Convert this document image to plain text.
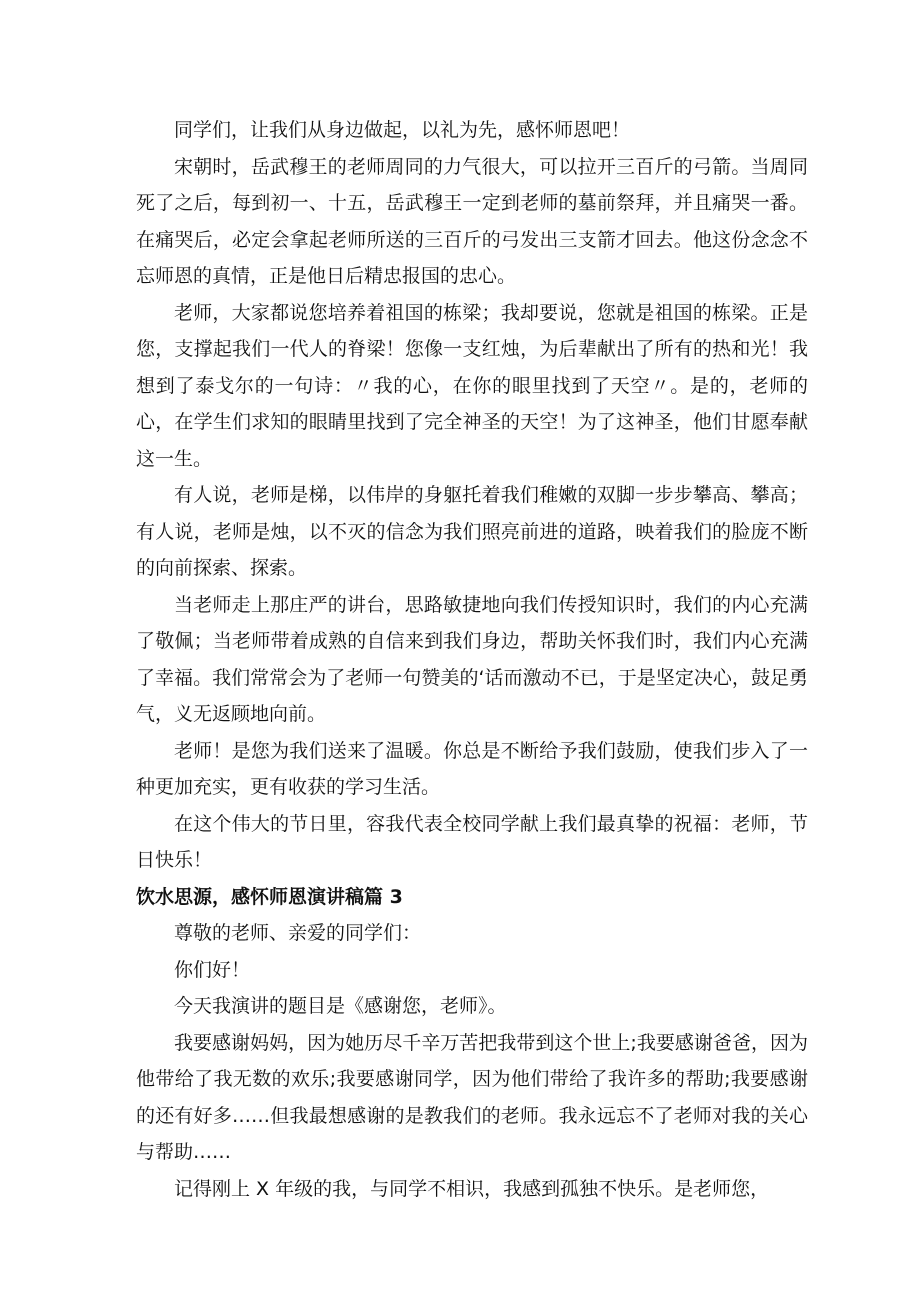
同学们，让我们从身边做起，以礼为先，感怀师恩吧！

宋朝时，岳武穆王的老师周同的力气很大，可以拉开三百斤的弓箭。当周同死了之后，每到初一、十五，岳武穆王一定到老师的墓前祭拜，并且痛哭一番。在痛哭后，必定会拿起老师所送的三百斤的弓发出三支箭才回去。他这份念念不忘师恩的真情，正是他日后精忠报国的忠心。

老师，大家都说您培养着祖国的栋梁；我却要说，您就是祖国的栋梁。正是您，支撑起我们一代人的脊梁！您像一支红烛，为后辈献出了所有的热和光！我想到了泰戈尔的一句诗：〃我的心，在你的眼里找到了天空〃。是的，老师的心，在学生们求知的眼睛里找到了完全神圣的天空！为了这神圣，他们甘愿奉献这一生。

有人说，老师是梯，以伟岸的身躯托着我们稚嫩的双脚一步步攀高、攀高；有人说，老师是烛，以不灭的信念为我们照亮前进的道路，映着我们的脸庞不断的向前探索、探索。

当老师走上那庄严的讲台，思路敏捷地向我们传授知识时，我们的内心充满了敬佩；当老师带着成熟的自信来到我们身边，帮助关怀我们时，我们内心充满了幸福。我们常常会为了老师一句赞美的‘话而激动不已，于是坚定决心，鼓足勇气，义无返顾地向前。

老师！是您为我们送来了温暖。你总是不断给予我们鼓励，使我们步入了一种更加充实，更有收获的学习生活。

在这个伟大的节日里，容我代表全校同学献上我们最真挚的祝福：老师，节日快乐！

饮水思源，感怀师恩演讲稿篇 3

尊敬的老师、亲爱的同学们：

你们好！

今天我演讲的题目是《感谢您，老师》。

我要感谢妈妈，因为她历尽千辛万苦把我带到这个世上;我要感谢爸爸，因为他带给了我无数的欢乐;我要感谢同学，因为他们带给了我许多的帮助;我要感谢的还有好多……但我最想感谢的是教我们的老师。我永远忘不了老师对我的关心与帮助……

记得刚上 X 年级的我，与同学不相识，我感到孤独不快乐。是老师您，
